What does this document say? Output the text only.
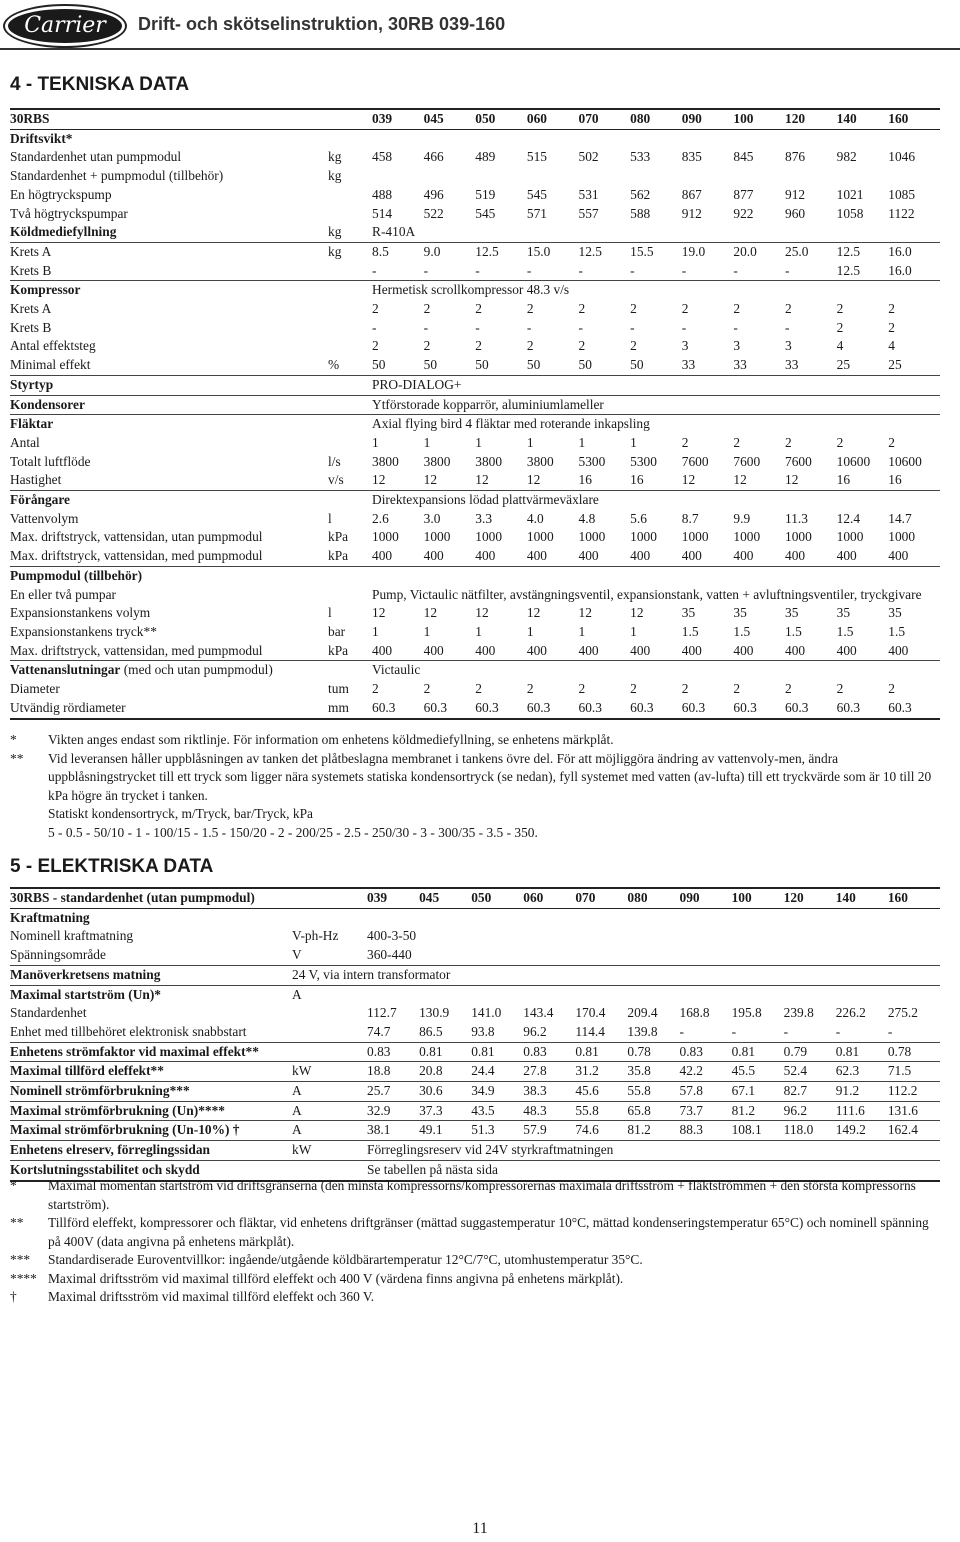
Carrier	Drift- och skötselinstruktion, 30RB 039-160
4 - TEKNISKA DATA
30RBS		039	045	050	060	070	080	090	100	120	140	160
Driftsvikt*												
Standardenhet utan pumpmodul	kg	458	466	489	515	502	533	835	845	876	982	1046
Standardenhet + pumpmodul (tillbehör)	kg											
En högtryckspump		488	496	519	545	531	562	867	877	912	1021	1085
Två högtryckspumpar		514	522	545	571	557	588	912	922	960	1058	1122
Köldmediefyllning	kg	R-410A										
Krets A	kg	8.5	9.0	12.5	15.0	12.5	15.5	19.0	20.0	25.0	12.5	16.0
Krets B		-	-	-	-	-	-	-	-	-	12.5	16.0
Kompressor		Hermetisk scrollkompressor 48.3 v/s										
Krets A		2	2	2	2	2	2	2	2	2	2	2
Krets B		-	-	-	-	-	-	-	-	-	2	2
Antal effektsteg		2	2	2	2	2	2	3	3	3	4	4
Minimal effekt	%	50	50	50	50	50	50	33	33	33	25	25
Styrtyp		PRO-DIALOG+										
Kondensorer		Ytförstorade kopparrör, aluminiumlameller										
Fläktar		Axial flying bird 4 fläktar med roterande inkapsling										
Antal		1	1	1	1	1	1	2	2	2	2	2
Totalt luftflöde	l/s	3800	3800	3800	3800	5300	5300	7600	7600	7600	10600	10600
Hastighet	v/s	12	12	12	12	16	16	12	12	12	16	16
Förångare		Direktexpansions lödad plattvärmeväxlare										
Vattenvolym	l	2.6	3.0	3.3	4.0	4.8	5.6	8.7	9.9	11.3	12.4	14.7
Max. driftstryck, vattensidan, utan pumpmodul	kPa	1000	1000	1000	1000	1000	1000	1000	1000	1000	1000	1000
Max. driftstryck, vattensidan, med pumpmodul	kPa	400	400	400	400	400	400	400	400	400	400	400
Pumpmodul (tillbehör)												
En eller två pumpar		Pump, Victaulic nätfilter, avstängningsventil, expansionstank, vatten + avluftningsventiler, tryckgivare										
Expansionstankens volym	l	12	12	12	12	12	12	35	35	35	35	35
Expansionstankens tryck**	bar	1	1	1	1	1	1	1.5	1.5	1.5	1.5	1.5
Max. driftstryck, vattensidan, med pumpmodul	kPa	400	400	400	400	400	400	400	400	400	400	400
Vattenanslutningar (med och utan pumpmodul)		Victaulic										
Diameter	tum	2	2	2	2	2	2	2	2	2	2	2
Utvändig rördiameter	mm	60.3	60.3	60.3	60.3	60.3	60.3	60.3	60.3	60.3	60.3	60.3
*	Vikten anges endast som riktlinje. För information om enhetens köldmediefyllning, se enhetens märkplåt.
**	Vid leveransen håller uppblåsningen av tanken det plåtbeslagna membranet i tankens övre del. För att möjliggöra ändring av vattenvoly-men, ändra uppblåsningstrycket till ett tryck som ligger nära systemets statiska kondensortryck (se nedan), fyll systemet med vatten (av-lufta) till ett tryckvärde som är 10 till 20 kPa högre än trycket i tanken.
Statiskt kondensortryck, m/Tryck, bar/Tryck, kPa
5 - 0.5 - 50/10 - 1 - 100/15 - 1.5 - 150/20 - 2 - 200/25 - 2.5 - 250/30 - 3 - 300/35 - 3.5 - 350.
5 - ELEKTRISKA DATA
30RBS - standardenhet (utan pumpmodul)		039	045	050	060	070	080	090	100	120	140	160
Kraftmatning												
Nominell kraftmatning	V-ph-Hz	400-3-50										
Spänningsområde	V	360-440										
Manöverkretsens matning	24 V, via intern transformator											
Maximal startström (Un)*	A											
Standardenhet		112.7	130.9	141.0	143.4	170.4	209.4	168.8	195.8	239.8	226.2	275.2
Enhet med tillbehöret elektronisk snabbstart		74.7	86.5	93.8	96.2	114.4	139.8	-	-	-	-	-
Enhetens strömfaktor vid maximal effekt**		0.83	0.81	0.81	0.83	0.81	0.78	0.83	0.81	0.79	0.81	0.78
Maximal tillförd eleffekt**	kW	18.8	20.8	24.4	27.8	31.2	35.8	42.2	45.5	52.4	62.3	71.5
Nominell strömförbrukning***	A	25.7	30.6	34.9	38.3	45.6	55.8	57.8	67.1	82.7	91.2	112.2
Maximal strömförbrukning (Un)****	A	32.9	37.3	43.5	48.3	55.8	65.8	73.7	81.2	96.2	111.6	131.6
Maximal strömförbrukning (Un-10%) †	A	38.1	49.1	51.3	57.9	74.6	81.2	88.3	108.1	118.0	149.2	162.4
Enhetens elreserv, förreglingssidan	kW	Förreglingsreserv vid 24V styrkraftmatningen										
Kortslutningsstabilitet och skydd		Se tabellen på nästa sida										
*	Maximal momentan startström vid driftsgränserna (den minsta kompressorns/kompressorernas maximala driftsström + fläktströmmen + den största kompressorns startström).
**	Tillförd eleffekt, kompressorer och fläktar, vid enhetens driftgränser (mättad suggastemperatur 10°C, mättad kondenseringstemperatur 65°C) och nominell spänning på 400V (data angivna på enhetens märkplåt).
***	Standardiserade Euroventvillkor: ingående/utgående köldbärartemperatur 12°C/7°C, utomhustemperatur 35°C.
**** Maximal driftsström vid maximal tillförd eleffekt och 400 V (värdena finns angivna på enhetens märkplåt).
†	Maximal driftsström vid maximal tillförd eleffekt och 360 V.
11
